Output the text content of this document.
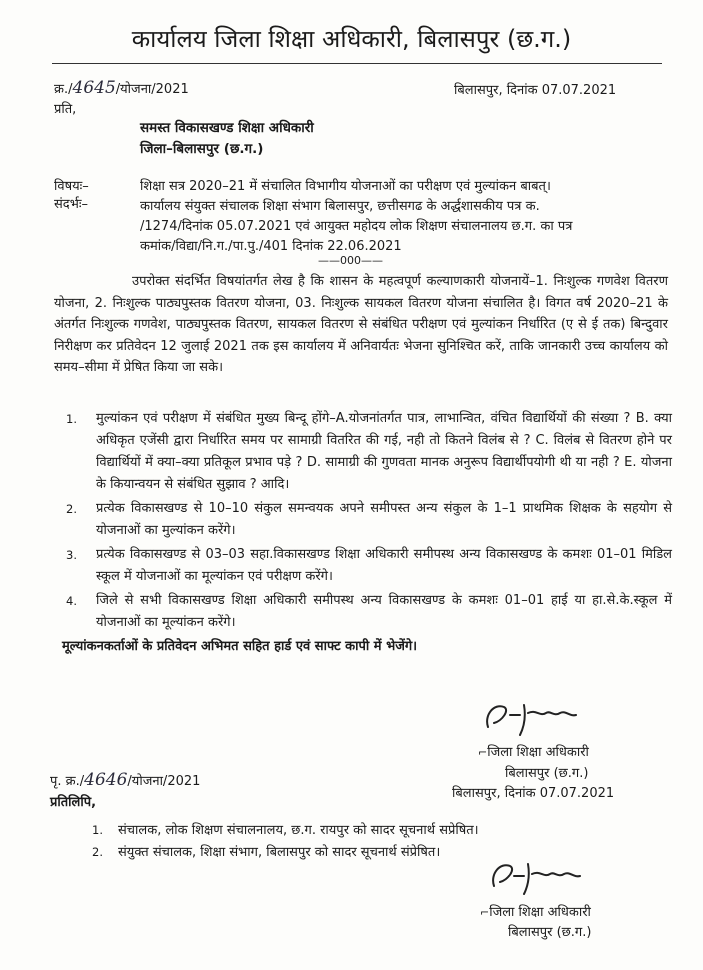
कार्यालय जिला शिक्षा अधिकारी, बिलासपुर (छ.ग.)
क्र./4645/योजना/2021	बिलासपुर, दिनांक 07.07.2021
प्रति,
समस्त विकासखण्ड शिक्षा अधिकारी
जिला–बिलासपुर (छ.ग.)
विषयः–	शिक्षा सत्र 2020–21 में संचालित विभागीय योजनाओं का परीक्षण एवं मुल्यांकन बाबत्।
संदर्भः–	कार्यालय संयुक्त संचालक शिक्षा संभाग बिलासपुर, छत्तीसगढ के अर्द्धशासकीय पत्र क.
/1274/दिनांक 05.07.2021 एवं आयुक्त महोदय लोक शिक्षण संचालनालय छ.ग. का पत्र
कमांक/विद्या/नि.ग./पा.पु./401 दिनांक 22.06.2021
——000——
उपरोक्त संदर्भित विषयांतर्गत लेख है कि शासन के महत्वपूर्ण कल्याणकारी योजनायें–1. निःशुल्क गणवेश वितरण योजना, 2. निःशुल्क पाठ्यपुस्तक वितरण योजना, 03. निःशुल्क सायकल वितरण योजना संचालित है। विगत वर्ष 2020–21 के अंतर्गत निःशुल्क गणवेश, पाठ्यपुस्तक वितरण, सायकल वितरण से संबंधित परीक्षण एवं मुल्यांकन निर्धारित (ए से ई तक) बिन्दुवार निरीक्षण कर प्रतिवेदन 12 जुलाई 2021 तक इस कार्यालय में अनिवार्यतः भेजना सुनिश्चित करें, ताकि जानकारी उच्च कार्यालय को समय–सीमा में प्रेषित किया जा सके।
1.	मुल्यांकन एवं परीक्षण में संबंधित मुख्य बिन्दू होंगे–A.योजनांतर्गत पात्र, लाभान्वित, वंचित विद्यार्थियों की संख्या ? B. क्या अधिकृत एजेंसी द्वारा निर्धारित समय पर सामाग्री वितरित की गई, नही तो कितने विलंब से ? C. विलंब से वितरण होने पर विद्यार्थियों में क्या–क्या प्रतिकूल प्रभाव पड़े ? D. सामाग्री की गुणवता मानक अनुरूप विद्यार्थीपयोगी थी या नही ? E. योजना के कियान्वयन से संबंधित सुझाव ? आदि।
2.	प्रत्येक विकासखण्ड से 10–10 संकुल समन्वयक अपने समीपस्त अन्य संकुल के 1–1 प्राथमिक शिक्षक के सहयोग से योजनाओं का मुल्यांकन करेंगे।
3.	प्रत्येक विकासखण्ड से 03–03 सहा.विकासखण्ड शिक्षा अधिकारी समीपस्थ अन्य विकासखण्ड के कमशः 01–01 मिडिल स्कूल में योजनाओं का मूल्यांकन एवं परीक्षण करेंगे।
4.	जिले से सभी विकासखण्ड शिक्षा अधिकारी समीपस्थ अन्य विकासखण्ड के कमशः 01–01 हाई या हा.से.के.स्कूल में योजनाओं का मूल्यांकन करेंगे।
मूल्यांकनकर्ताओं के प्रतिवेदन अभिमत सहित हार्ड एवं साफ्ट कापी में भेजेंगे।
⌐जिला शिक्षा अधिकारी
बिलासपुर (छ.ग.)
बिलासपुर, दिनांक 07.07.2021
पृ. क्र./4646/योजना/2021
प्रतिलिपि,
1. संचालक, लोक शिक्षण संचालनालय, छ.ग. रायपुर को सादर सूचनार्थ सप्रेषित।
2. संयुक्त संचालक, शिक्षा संभाग, बिलासपुर को सादर सूचनार्थ संप्रेषित।
⌐जिला शिक्षा अधिकारी
बिलासपुर (छ.ग.)
